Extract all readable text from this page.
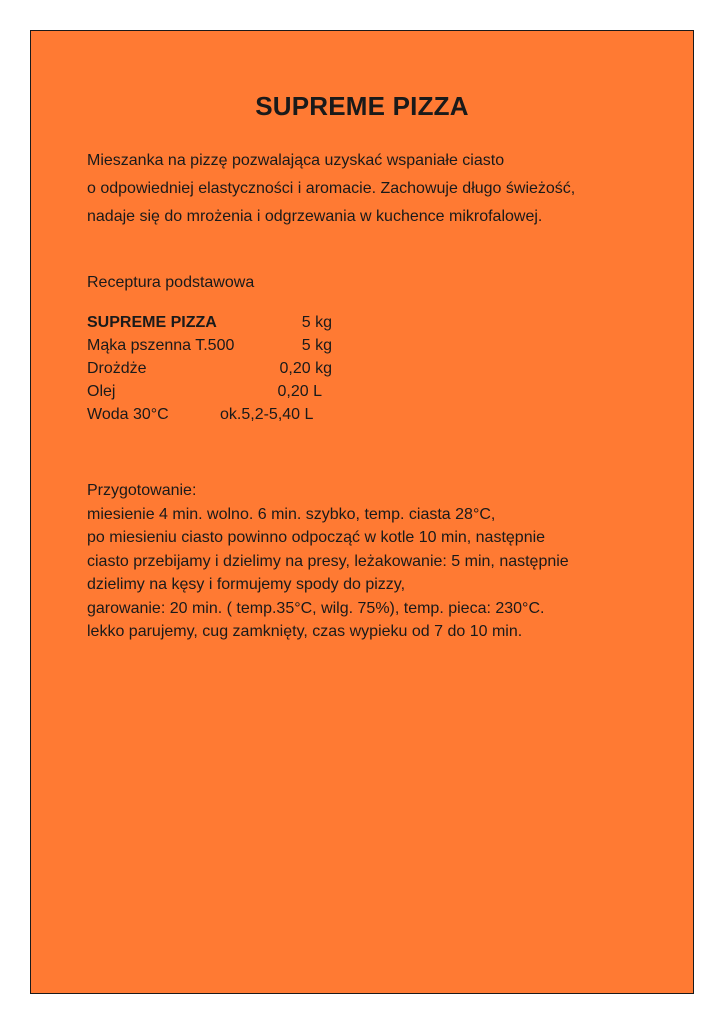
SUPREME PIZZA
Mieszanka na pizzę pozwalająca uzyskać wspaniałe ciasto
o odpowiedniej elastyczności i aromacie. Zachowuje długo świeżość,
nadaje się do mrożenia i odgrzewania w kuchence mikrofalowej.
Receptura podstawowa
SUPREME PIZZA	5 kg
Mąka pszenna T.500	5 kg
Drożdże	0,20 kg
Olej	0,20 L
Woda 30°C	ok.5,2-5,40 L
Przygotowanie:
miesienie 4 min. wolno. 6 min. szybko, temp. ciasta 28°C,
po miesieniu ciasto powinno odpocząć w kotle 10 min, następnie
ciasto przebijamy i dzielimy na presy, leżakowanie: 5 min, następnie
dzielimy na kęsy i formujemy spody do pizzy,
garowanie: 20 min. ( temp.35°C, wilg. 75%), temp. pieca: 230°C.
lekko parujemy, cug zamknięty, czas wypieku od 7 do 10 min.
